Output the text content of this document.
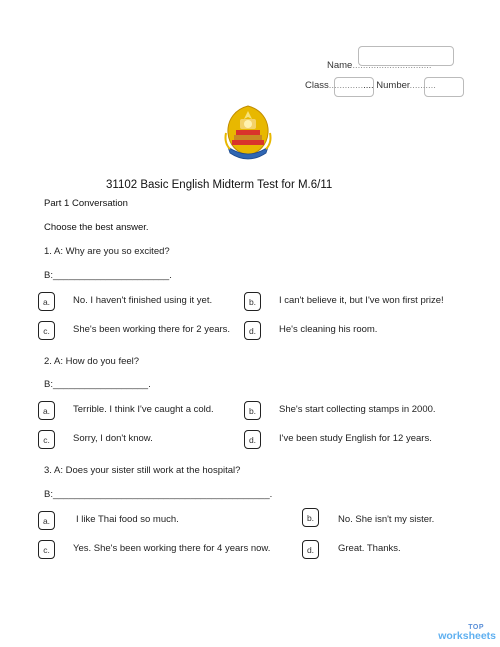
Name..............................
Class................. Number..........
31102 Basic English Midterm Test for M.6/11
Part 1 Conversation
Choose the best answer.
1. A: Why are you so excited?
B:______________________.
a.	No. I haven't finished using it yet.	b.	I can't believe it, but I've won first prize!
c.	She's been working there for 2 years.	d.	He's cleaning his room.
2. A: How do you feel?
B:__________________.
a.	Terrible. I think I've caught a cold.	b.	She's start collecting stamps in 2000.
c.	Sorry, I don't know.	d.	I've been study English for 12 years.
3. A: Does your sister still work at the hospital?
B:_________________________________________.
a.	I like Thai food so much.	b.	No. She isn't my sister.
c.	Yes. She's been working there for 4 years now.	d.	Great. Thanks.
TOP
worksheets
